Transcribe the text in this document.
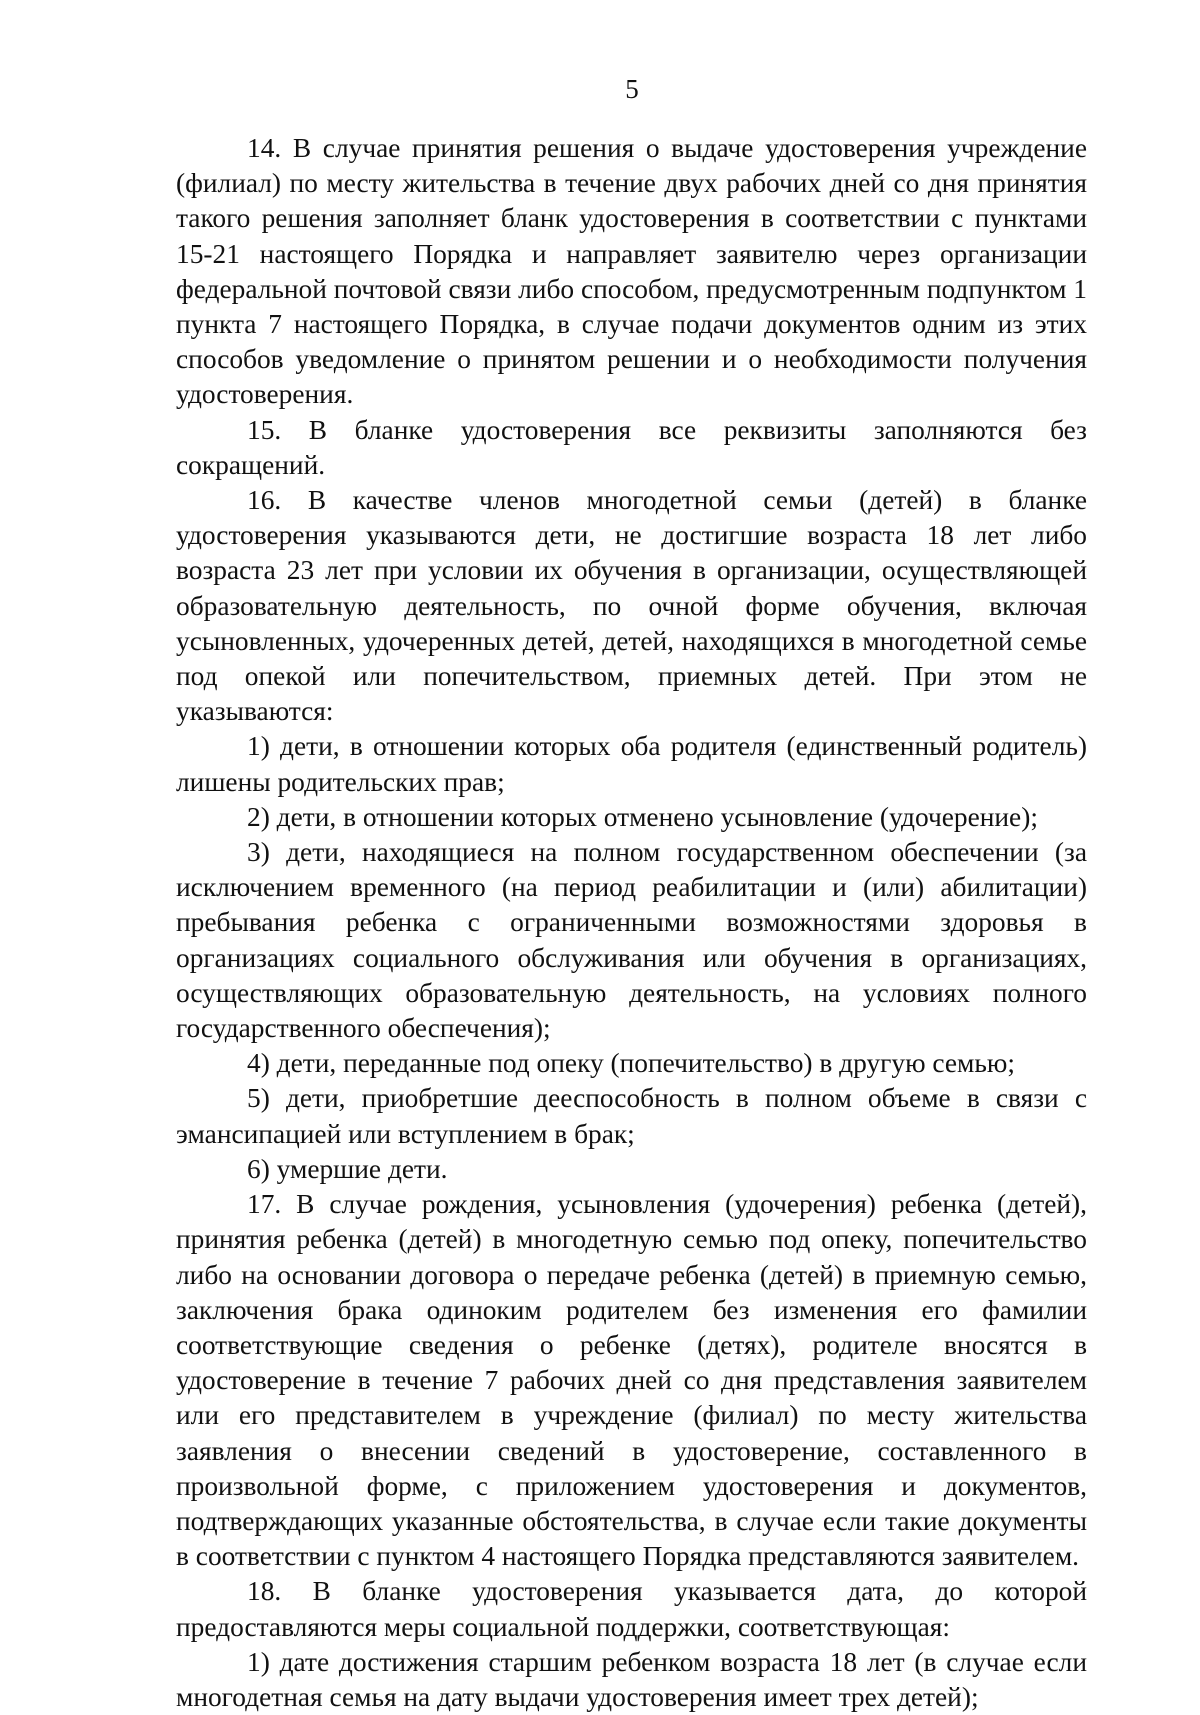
5

14. В случае принятия решения о выдаче удостоверения учреждение (филиал) по месту жительства в течение двух рабочих дней со дня принятия такого решения заполняет бланк удостоверения в соответствии с пунктами 15-21 настоящего Порядка и направляет заявителю через организации федеральной почтовой связи либо способом, предусмотренным подпунктом 1 пункта 7 настоящего Порядка, в случае подачи документов одним из этих способов уведомление о принятом решении и о необходимости получения удостоверения.

15. В бланке удостоверения все реквизиты заполняются без сокращений.

16. В качестве членов многодетной семьи (детей) в бланке удостоверения указываются дети, не достигшие возраста 18 лет либо возраста 23 лет при условии их обучения в организации, осуществляющей образовательную деятельность, по очной форме обучения, включая усыновленных, удочеренных детей, детей, находящихся в многодетной семье под опекой или попечительством, приемных детей. При этом не указываются:

1) дети, в отношении которых оба родителя (единственный родитель) лишены родительских прав;

2) дети, в отношении которых отменено усыновление (удочерение);

3) дети, находящиеся на полном государственном обеспечении (за исключением временного (на период реабилитации и (или) абилитации) пребывания ребенка с ограниченными возможностями здоровья в организациях социального обслуживания или обучения в организациях, осуществляющих образовательную деятельность, на условиях полного государственного обеспечения);

4) дети, переданные под опеку (попечительство) в другую семью;

5) дети, приобретшие дееспособность в полном объеме в связи с эмансипацией или вступлением в брак;

6) умершие дети.

17. В случае рождения, усыновления (удочерения) ребенка (детей), принятия ребенка (детей) в многодетную семью под опеку, попечительство либо на основании договора о передаче ребенка (детей) в приемную семью, заключения брака одиноким родителем без изменения его фамилии соответствующие сведения о ребенке (детях), родителе вносятся в удостоверение в течение 7 рабочих дней со дня представления заявителем или его представителем в учреждение (филиал) по месту жительства заявления о внесении сведений в удостоверение, составленного в произвольной форме, с приложением удостоверения и документов, подтверждающих указанные обстоятельства, в случае если такие документы в соответствии с пунктом 4 настоящего Порядка представляются заявителем.

18. В бланке удостоверения указывается дата, до которой предоставляются меры социальной поддержки, соответствующая:

1) дате достижения старшим ребенком возраста 18 лет (в случае если многодетная семья на дату выдачи удостоверения имеет трех детей);
